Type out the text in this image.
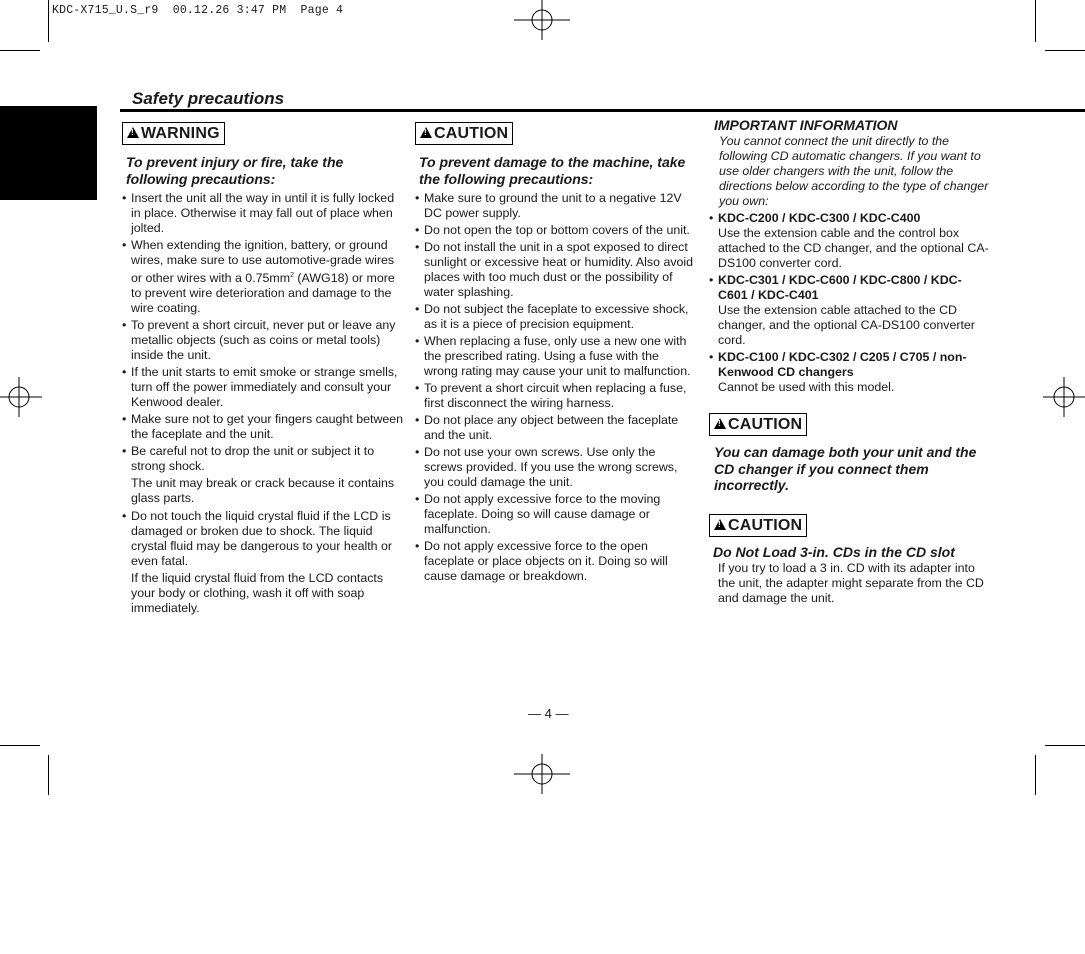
KDC-X715_U.S_r9  00.12.26 3:47 PM  Page 4
English
Safety precautions
!WARNING
To prevent injury or fire, take the following precautions:
• Insert the unit all the way in until it is fully locked in place. Otherwise it may fall out of place when jolted.
• When extending the ignition, battery, or ground wires, make sure to use automotive-grade wires or other wires with a $0.75mm^2$ (AWG18) or more to prevent wire deterioration and damage to the wire coating.
• To prevent a short circuit, never put or leave any metallic objects (such as coins or metal tools) inside the unit.
• If the unit starts to emit smoke or strange smells, turn off the power immediately and consult your Kenwood dealer.
• Make sure not to get your fingers caught between the faceplate and the unit.
• Be careful not to drop the unit or subject it to strong shock.
The unit may break or crack because it contains glass parts.
• Do not touch the liquid crystal fluid if the LCD is damaged or broken due to shock. The liquid crystal fluid may be dangerous to your health or even fatal.
If the liquid crystal fluid from the LCD contacts your body or clothing, wash it off with soap immediately.
!CAUTION
To prevent damage to the machine, take the following precautions:
• Make sure to ground the unit to a negative 12V DC power supply.
• Do not open the top or bottom covers of the unit.
• Do not install the unit in a spot exposed to direct sunlight or excessive heat or humidity. Also avoid places with too much dust or the possibility of water splashing.
• Do not subject the faceplate to excessive shock, as it is a piece of precision equipment.
• When replacing a fuse, only use a new one with the prescribed rating. Using a fuse with the wrong rating may cause your unit to malfunction.
• To prevent a short circuit when replacing a fuse, first disconnect the wiring harness.
• Do not place any object between the faceplate and the unit.
• Do not use your own screws. Use only the screws provided. If you use the wrong screws, you could damage the unit.
• Do not apply excessive force to the moving faceplate. Doing so will cause damage or malfunction.
• Do not apply excessive force to the open faceplate or place objects on it. Doing so will cause damage or breakdown.
IMPORTANT INFORMATION
You cannot connect the unit directly to the following CD automatic changers. If you want to use older changers with the unit, follow the directions below according to the type of changer you own:
• KDC-C200 / KDC-C300 / KDC-C400
Use the extension cable and the control box attached to the CD changer, and the optional CA-DS100 converter cord.
• KDC-C301 / KDC-C600 / KDC-C800 / KDC-C601 / KDC-C401
Use the extension cable attached to the CD changer, and the optional CA-DS100 converter cord.
• KDC-C100 / KDC-C302 / C205 / C705 / non-Kenwood CD changers
Cannot be used with this model.
!CAUTION
You can damage both your unit and the CD changer if you connect them incorrectly.
!CAUTION
Do Not Load 3-in. CDs in the CD slot
If you try to load a 3 in. CD with its adapter into the unit, the adapter might separate from the CD and damage the unit.
— 4 —
